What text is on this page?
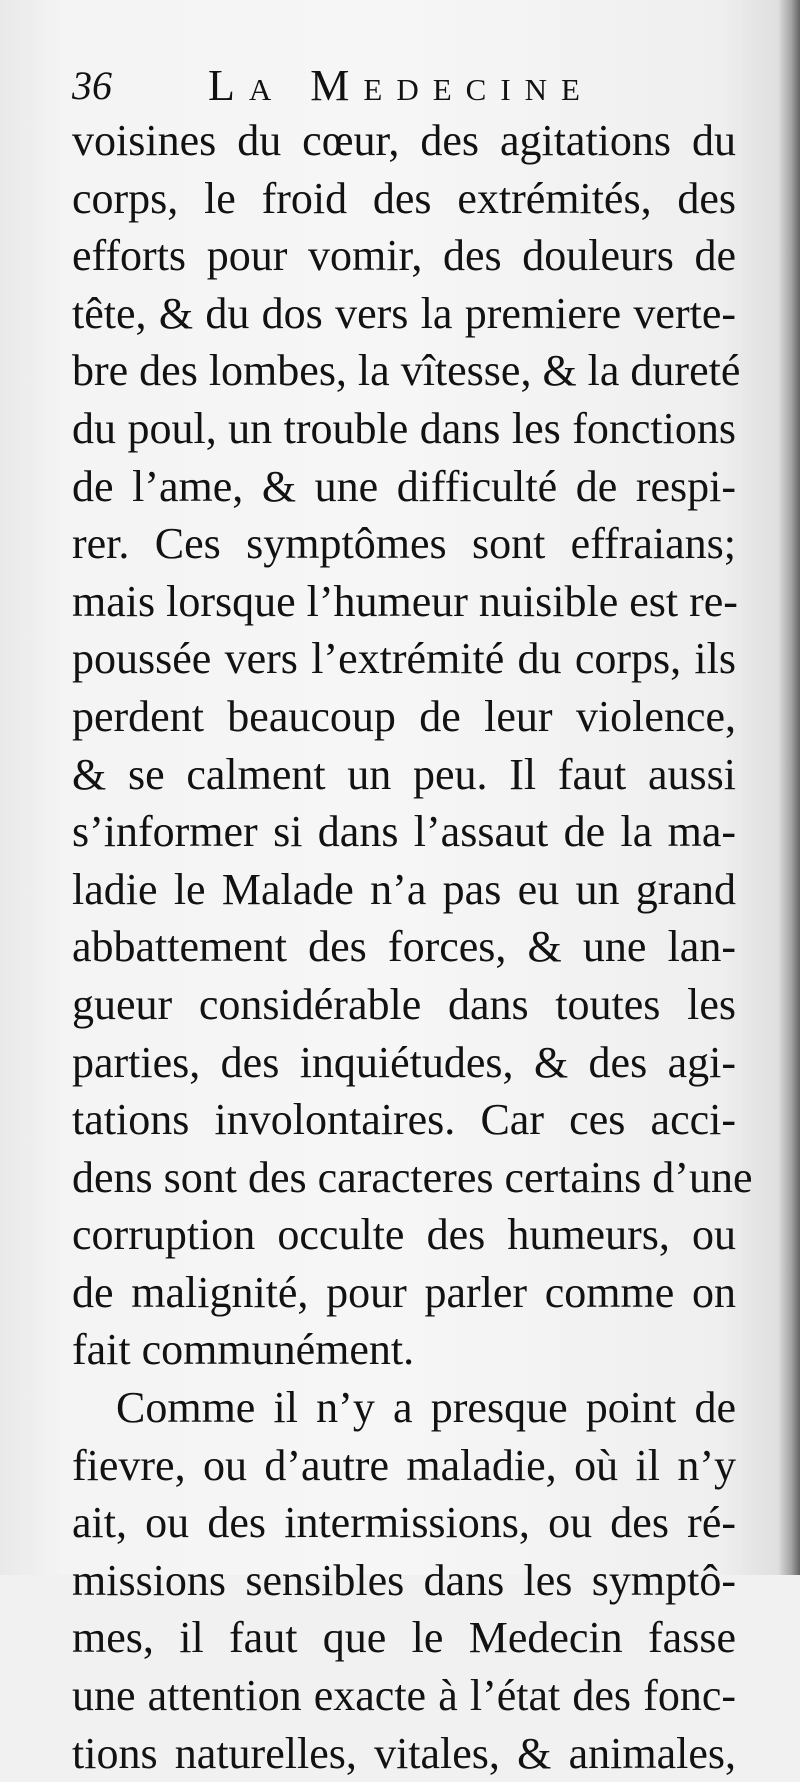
36 La Medecine
voisines du cœur, des agitations du
corps, le froid des extrémités, des
efforts pour vomir, des douleurs de
tête, & du dos vers la premiere verte-
bre des lombes, la vîtesse, & la dureté
du poul, un trouble dans les fonctions
de l’ame, & une difficulté de respi-
rer. Ces symptômes sont effraians;
mais lorsque l’humeur nuisible est re-
poussée vers l’extrémité du corps, ils
perdent beaucoup de leur violence,
& se calment un peu. Il faut aussi
s’informer si dans l’assaut de la ma-
ladie le Malade n’a pas eu un grand
abbattement des forces, & une lan-
gueur considérable dans toutes les
parties, des inquiétudes, & des agi-
tations involontaires. Car ces acci-
dens sont des caracteres certains d’une
corruption occulte des humeurs, ou
de malignité, pour parler comme on
fait communément.
Comme il n’y a presque point de
fievre, ou d’autre maladie, où il n’y
ait, ou des intermissions, ou des ré-
missions sensibles dans les symptô-
mes, il faut que le Medecin fasse
une attention exacte à l’état des fonc-
tions naturelles, vitales, & animales,
